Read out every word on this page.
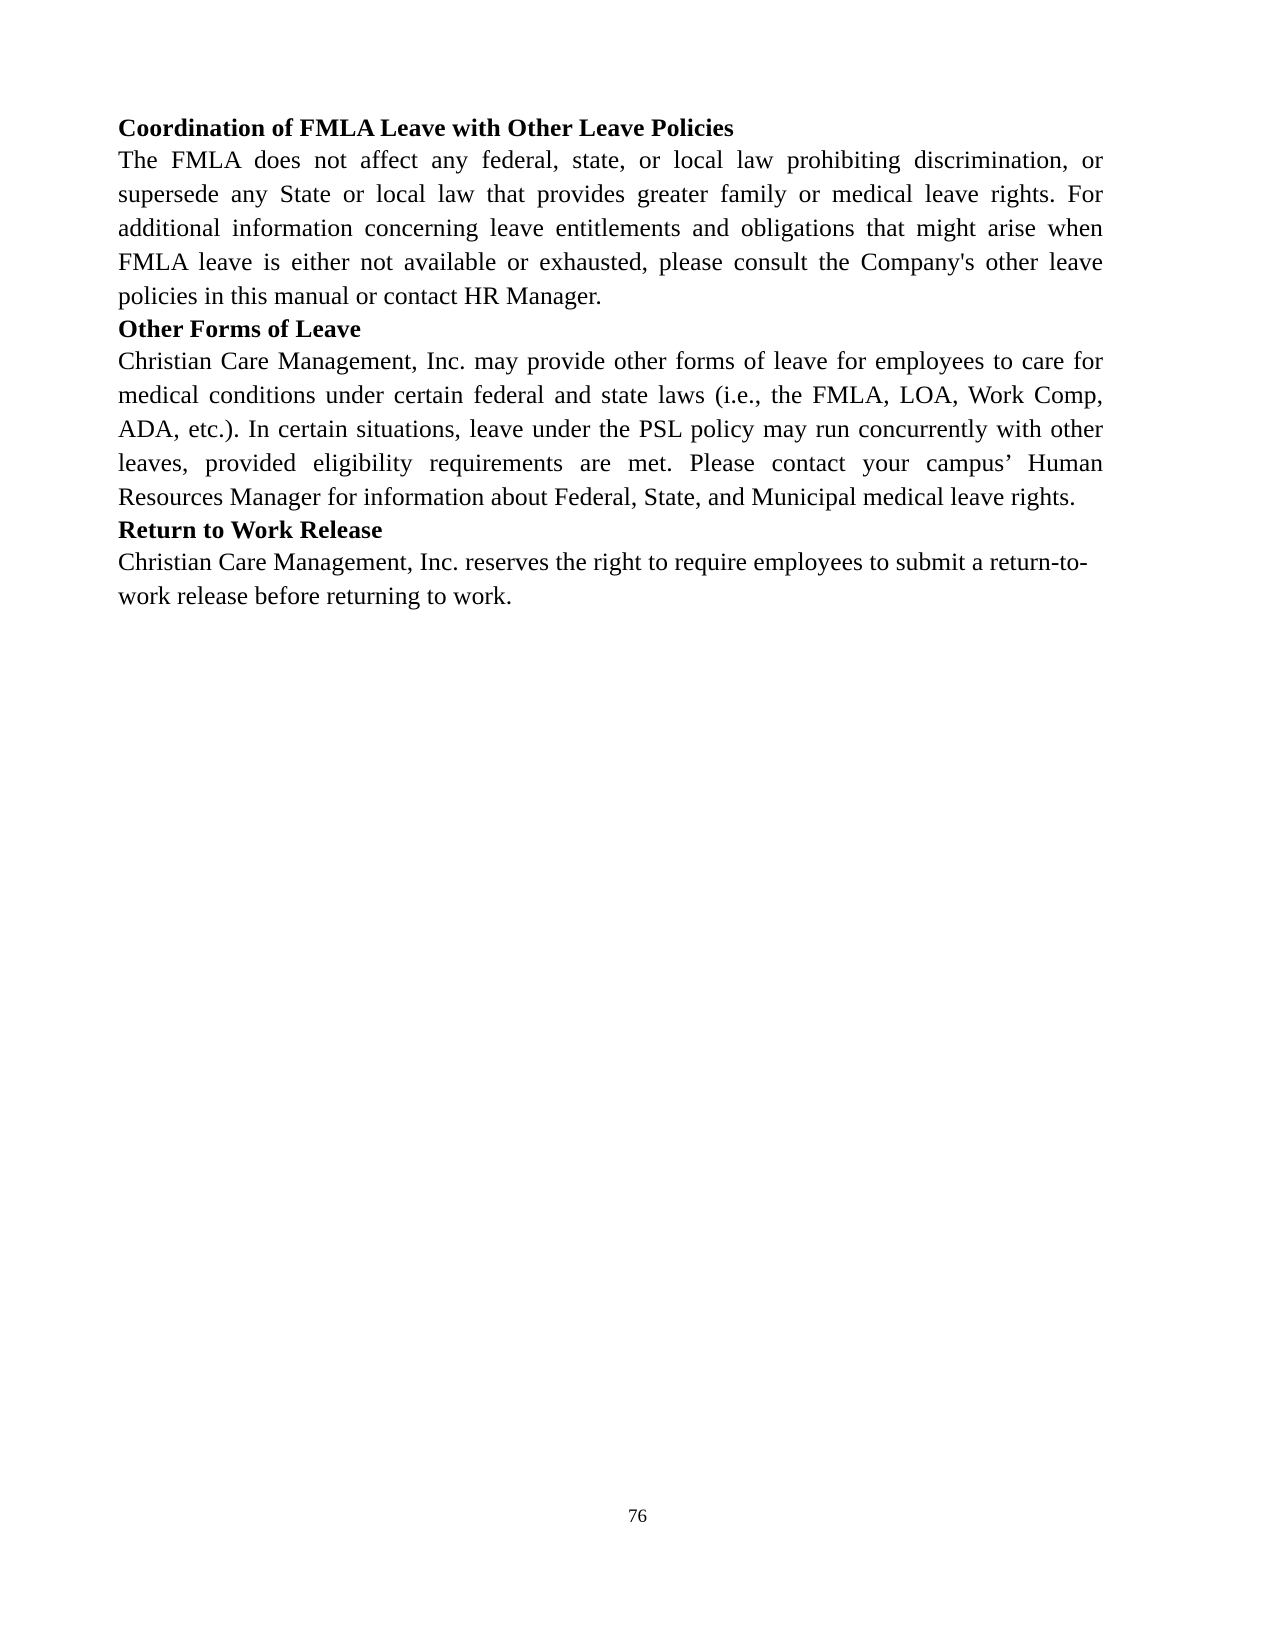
Coordination of FMLA Leave with Other Leave Policies

The FMLA does not affect any federal, state, or local law prohibiting discrimination, or supersede any State or local law that provides greater family or medical leave rights. For additional information concerning leave entitlements and obligations that might arise when FMLA leave is either not available or exhausted, please consult the Company's other leave policies in this manual or contact HR Manager.

Other Forms of Leave

Christian Care Management, Inc. may provide other forms of leave for employees to care for medical conditions under certain federal and state laws (i.e., the FMLA, LOA, Work Comp, ADA, etc.). In certain situations, leave under the PSL policy may run concurrently with other leaves, provided eligibility requirements are met. Please contact your campus’ Human Resources Manager for information about Federal, State, and Municipal medical leave rights.

Return to Work Release

Christian Care Management, Inc. reserves the right to require employees to submit a return-to-work release before returning to work.

76
